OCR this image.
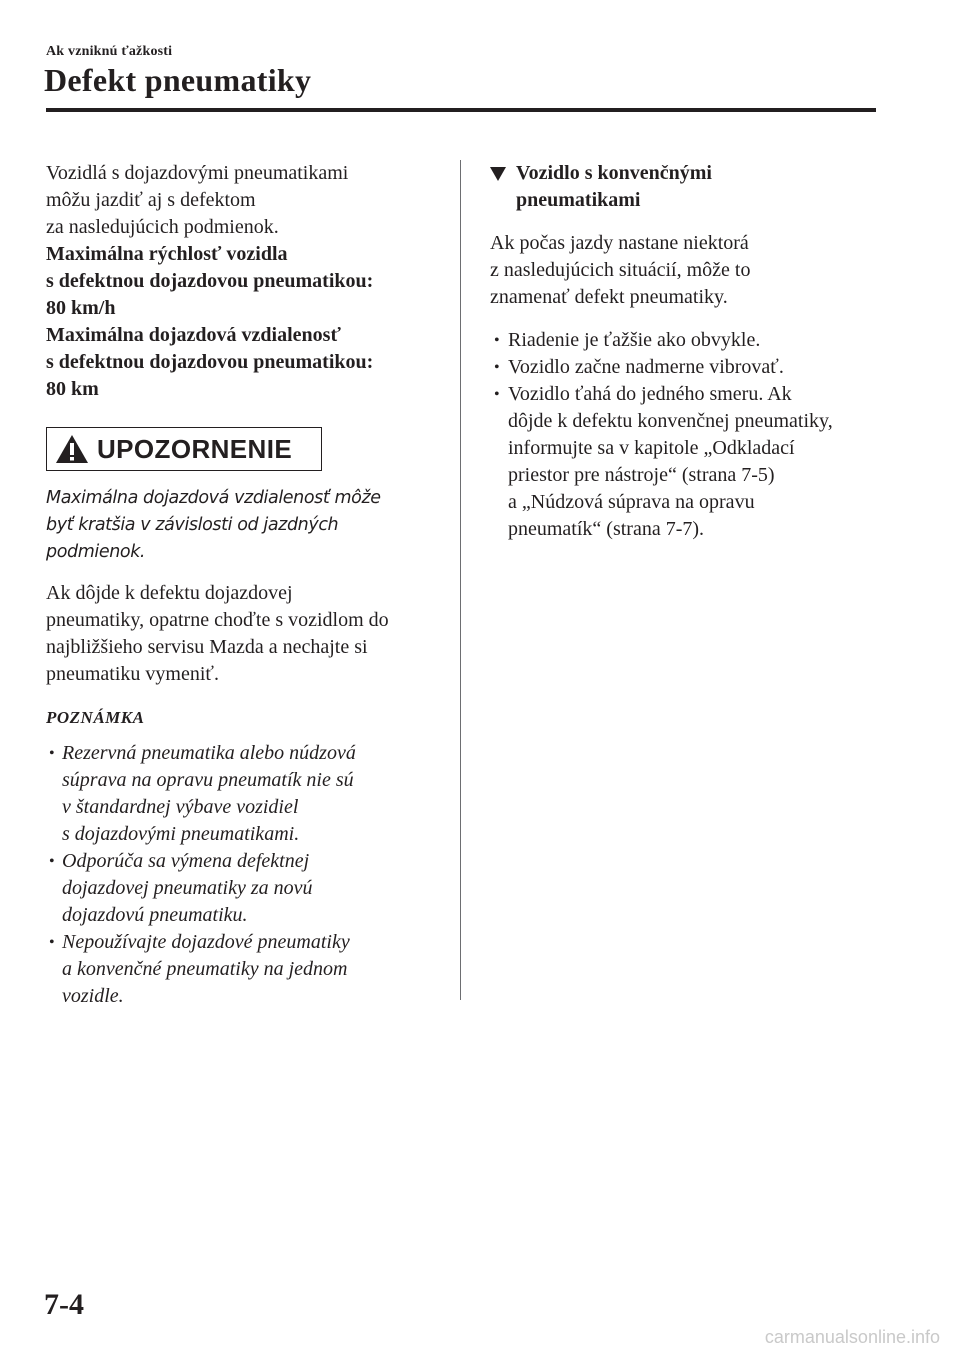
Ak vzniknú ťažkosti
Defekt pneumatiky

Vozidlá s dojazdovými pneumatikami
môžu jazdiť aj s defektom
za nasledujúcich podmienok.

Maximálna rýchlosť vozidla
s defektnou dojazdovou pneumatikou:
80 km/h

Maximálna dojazdová vzdialenosť
s defektnou dojazdovou pneumatikou:
80 km

UPOZORNENIE
Maximálna dojazdová vzdialenosť môže
byť kratšia v závislosti od jazdných
podmienok.

Ak dôjde k defektu dojazdovej
pneumatiky, opatrne choďte s vozidlom do
najbližšieho servisu Mazda a nechajte si
pneumatiku vymeniť.

POZNÁMKA
• Rezervná pneumatika alebo núdzová
súprava na opravu pneumatík nie sú
v štandardnej výbave vozidiel
s dojazdovými pneumatikami.
• Odporúča sa výmena defektnej
dojazdovej pneumatiky za novú
dojazdovú pneumatiku.
• Nepoužívajte dojazdové pneumatiky
a konvenčné pneumatiky na jednom
vozidle.
Vozidlo s konvenčnými
pneumatikami

Ak počas jazdy nastane niektorá
z nasledujúcich situácií, môže to
znamenať defekt pneumatiky.

• Riadenie je ťažšie ako obvykle.
• Vozidlo začne nadmerne vibrovať.
• Vozidlo ťahá do jedného smeru. Ak
dôjde k defektu konvenčnej pneumatiky,
informujte sa v kapitole „Odkladací
priestor pre nástroje“ (strana 7-5)
a „Núdzová súprava na opravu
pneumatík“ (strana 7-7).
7-4
carmanualsonline.info
